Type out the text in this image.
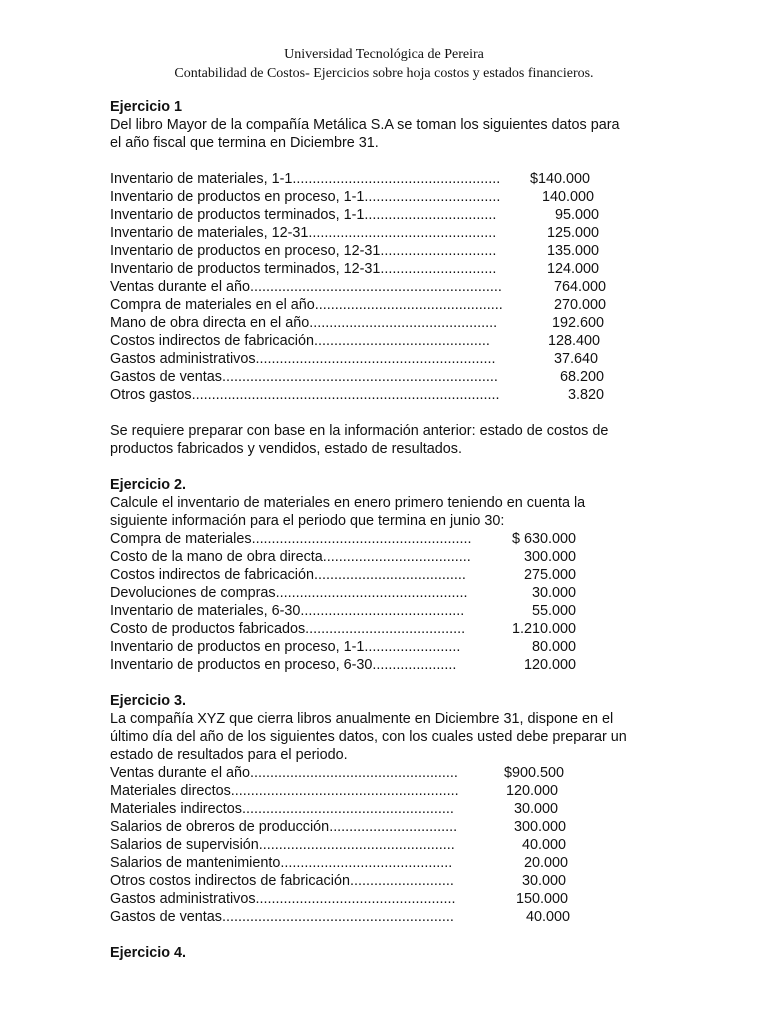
Universidad Tecnológica de Pereira
Contabilidad de Costos- Ejercicios sobre hoja costos y estados financieros.

Ejercicio 1

Del libro Mayor de la compañía Metálica S.A se toman los siguientes datos para el año fiscal que termina en Diciembre 31.

Inventario de materiales, 1-1....................................................	$140.000
Inventario de productos en proceso, 1-1..................................	140.000
Inventario de productos terminados, 1-1.................................	95.000
Inventario de materiales, 12-31...............................................	125.000
Inventario de productos en proceso, 12-31.............................	135.000
Inventario de productos terminados, 12-31.............................	124.000
Ventas durante el año...............................................................	764.000
Compra de materiales en el año...............................................	270.000
Mano de obra directa en el año...............................................	192.600
Costos indirectos de fabricación............................................	128.400
Gastos administrativos............................................................	37.640
Gastos de ventas.....................................................................	68.200
Otros gastos.............................................................................	3.820

Se requiere preparar con base en la información anterior: estado de costos de productos fabricados y vendidos, estado de resultados.

Ejercicio 2.

Calcule el inventario de materiales en enero primero teniendo en cuenta la siguiente información para el periodo que termina en junio 30:

Compra de materiales.......................................................	$ 630.000
Costo de la mano de obra directa.....................................	300.000
Costos indirectos de fabricación......................................	275.000
Devoluciones de compras................................................	30.000
Inventario de materiales, 6-30.........................................	55.000
Costo de productos fabricados........................................	1.210.000
Inventario de productos en proceso, 1-1........................	80.000
Inventario de productos en proceso, 6-30.....................	120.000

Ejercicio 3.

La compañía XYZ que cierra libros anualmente en Diciembre 31, dispone en el último día del año de los siguientes datos, con los cuales usted debe preparar un estado de resultados para el periodo.

Ventas durante el año....................................................	$900.500
Materiales directos.........................................................	120.000
Materiales indirectos.....................................................	30.000
Salarios de obreros de producción................................	300.000
Salarios de supervisión.................................................	40.000
Salarios de mantenimiento...........................................	20.000
Otros costos indirectos de fabricación..........................	30.000
Gastos administrativos..................................................	150.000
Gastos de ventas..........................................................	40.000

Ejercicio 4.
